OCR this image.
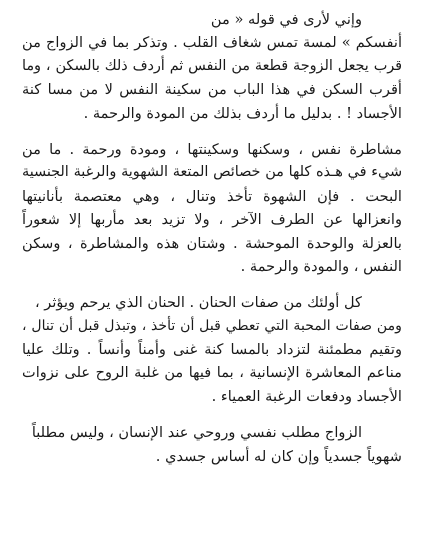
وإني لأرى في قوله « من
أنفسكم » لمسة تمس شغاف القلب . وتذكر بما في الزواج من
قرب يجعل الزوجة قطعة من النفس ثم أردف ذلك بالسكن ، وما
أقرب السكن في هذا الباب من سكينة النفس لا من مسا كنة
الأجساد ! . بدليل ما أردف بذلك من المودة والرحمة .
مشاطرة نفس ، وسكنها وسكينتها ، ومودة ورحمة . ما من
شيء في هـذه كلها من خصائص المتعة الشهوية والرغبة الجنسية
البحت . فإن الشهوة تأخذ وتنال ، وهي معتصمة بأنانيتها
وانعزالها عن الطرف الآخر ، ولا تزيد بعد مأربها إلا شعوراً
بالعزلة والوحدة الموحشة . وشتان هذه والمشاطرة ، وسكن
النفس ، والمودة والرحمة .
كل أولئك من صفات الحنان . الحنان الذي يرحم ويؤثر ،
ومن صفات المحبة التي تعطي قبل أن تأخذ ، وتبذل قبل أن تنال ،
وتقيم مطمئنة لتزداد بالمسا كنة غنى وأمناً وأنساً . وتلك عليا
مناعم المعاشرة الإنسانية ، بما فيها من غلبة الروح على نزوات
الأجساد ودفعات الرغبة العمياء .
الزواج مطلب نفسي وروحي عند الإنسان ، وليس مطلباً
شهوياً جسدياً وإن كان له أساس جسدي .
